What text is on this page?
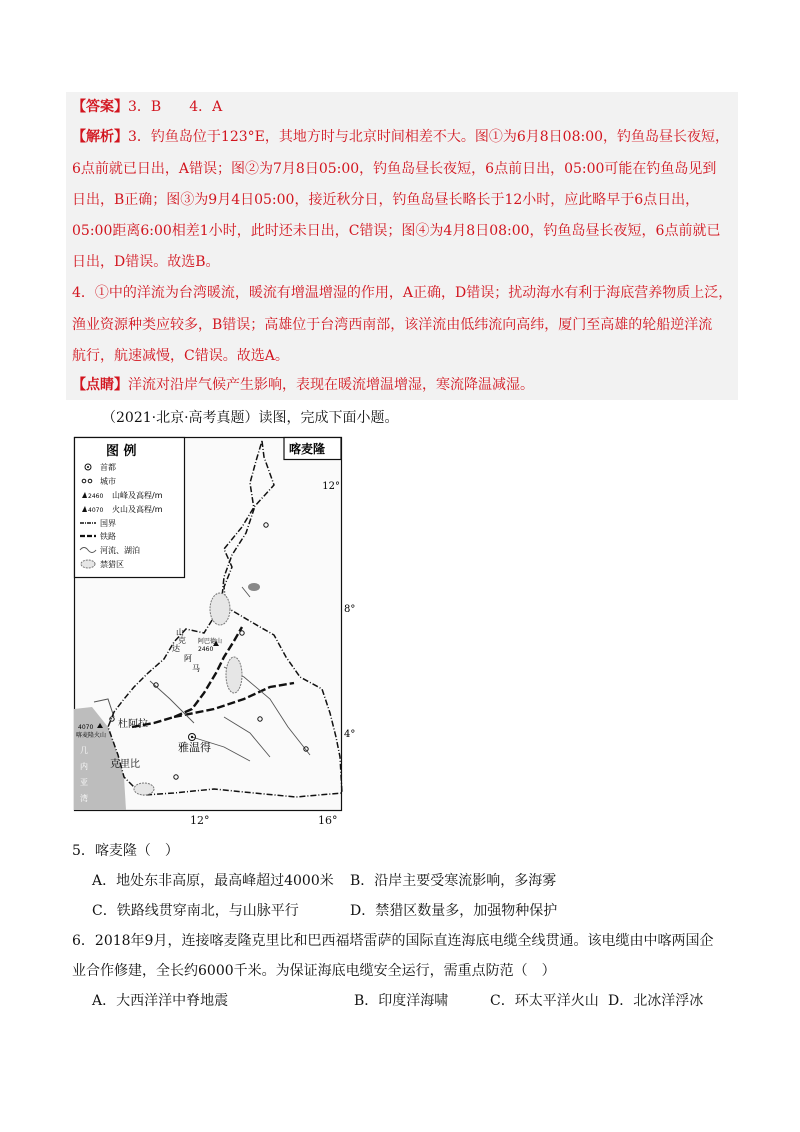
【答案】3．B　　4．A
【解析】3．钓鱼岛位于123°E，其地方时与北京时间相差不大。图①为6月8日08:00，钓鱼岛昼长夜短，
6点前就已日出，A错误；图②为7月8日05:00，钓鱼岛昼长夜短，6点前日出，05:00可能在钓鱼岛见到
日出，B正确；图③为9月4日05:00，接近秋分日，钓鱼岛昼长略长于12小时，应此略早于6点日出，
05:00距离6:00相差1小时，此时还未日出，C错误；图④为4月8日08:00，钓鱼岛昼长夜短，6点前就已
日出，D错误。故选B。
4．①中的洋流为台湾暖流，暖流有增温增湿的作用，A正确，D错误；扰动海水有利于海底营养物质上泛，
渔业资源种类应较多，B错误；高雄位于台湾西南部，该洋流由低纬流向高纬，厦门至高雄的轮船逆洋流
航行，航速减慢，C错误。故选A。
【点睛】洋流对沿岸气候产生影响，表现在暖流增温增湿，寒流降温减湿。
（2021·北京·高考真题）读图，完成下面小题。
图 例
首都
城市
2460 山峰及高程/m
4070 火山及高程/m
国界
铁路
河流、湖泊
禁猎区
喀麦隆
12°
8°
4°
山
克
阿
马
达
阿巴德山
2460
4070
喀麦隆火山
杜阿拉
雅温得
克里比
几
内
亚
湾
12°	16°
5．喀麦隆（　）
A．地处东非高原，最高峰超过4000米 B．沿岸主要受寒流影响，多海雾
C．铁路线贯穿南北，与山脉平行	D．禁猎区数量多，加强物种保护
6．2018年9月，连接喀麦隆克里比和巴西福塔雷萨的国际直连海底电缆全线贯通。该电缆由中喀两国企
业合作修建，全长约6000千米。为保证海底电缆安全运行，需重点防范（　）
A．大西洋洋中脊地震	B．印度洋海啸	C．环太平洋火山 D．北冰洋浮冰
